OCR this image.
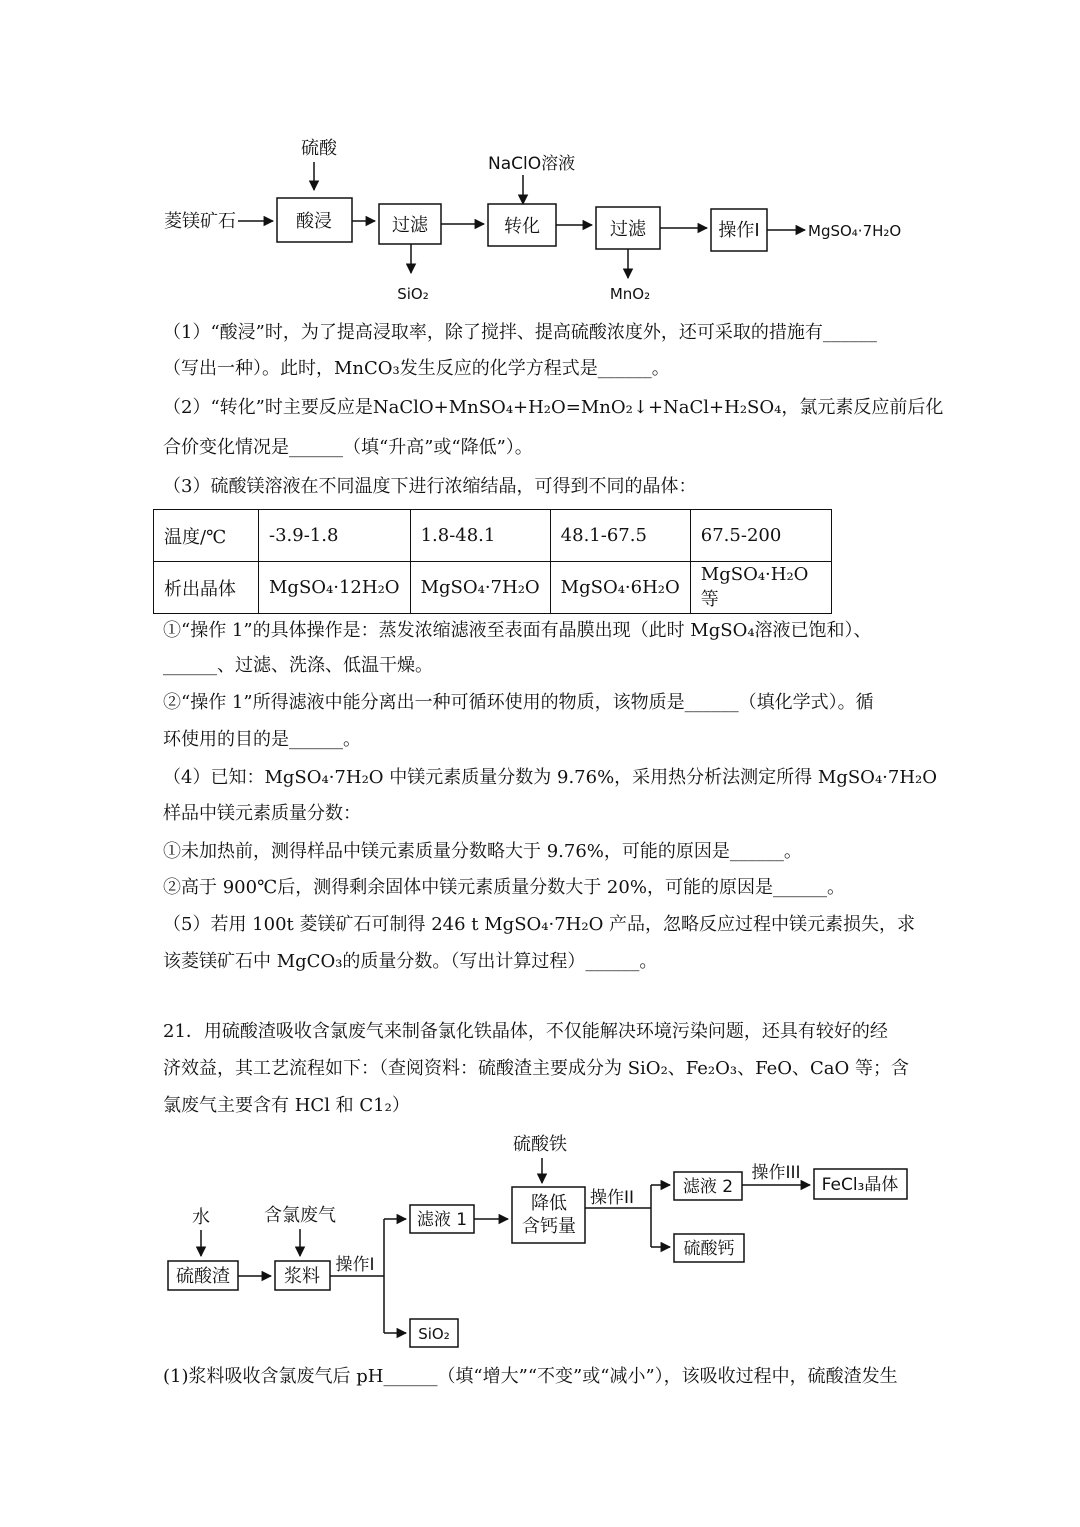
硫酸
NaClO溶液
菱镁矿石	酸浸	过滤
SiO₂
转化	过滤
MnO₂
操作I	MgSO₄·7H₂O
（1）“酸浸”时，为了提高浸取率，除了搅拌、提高硫酸浓度外，还可采取的措施有______
（写出一种）。此时，MnCO₃发生反应的化学方程式是______。
（2）“转化”时主要反应是NaClO+MnSO₄+H₂O=MnO₂↓+NaCl+H₂SO₄，氯元素反应前后化
合价变化情况是______（填“升高”或“降低”）。
（3）硫酸镁溶液在不同温度下进行浓缩结晶，可得到不同的晶体：
温度/℃	-3.9-1.8	1.8-48.1	48.1-67.5	67.5-200
析出晶体	MgSO₄·12H₂O	MgSO₄·7H₂O	MgSO₄·6H₂O	MgSO₄·H₂O 等
①“操作 1”的具体操作是：蒸发浓缩滤液至表面有晶膜出现（此时 MgSO₄溶液已饱和）、
______、过滤、洗涤、低温干燥。
②“操作 1”所得滤液中能分离出一种可循环使用的物质，该物质是______（填化学式）。循
环使用的目的是______。
（4）已知：MgSO₄·7H₂O 中镁元素质量分数为 9.76%，采用热分析法测定所得 MgSO₄·7H₂O
样品中镁元素质量分数：
①未加热前，测得样品中镁元素质量分数略大于 9.76%，可能的原因是______。
②高于 900℃后，测得剩余固体中镁元素质量分数大于 20%，可能的原因是______。
（5）若用 100t 菱镁矿石可制得 246 t MgSO₄·7H₂O 产品，忽略反应过程中镁元素损失，求
该菱镁矿石中 MgCO₃的质量分数。（写出计算过程）______。
21．用硫酸渣吸收含氯废气来制备氯化铁晶体，不仅能解决环境污染问题，还具有较好的经
济效益，其工艺流程如下：（查阅资料：硫酸渣主要成分为 SiO₂、Fe₂O₃、FeO、CaO 等；含
氯废气主要含有 HCl 和 C1₂）
硫酸铁
水	含氯废气
硫酸渣	浆料
操作I
滤液 1
SiO₂
降低
含钙量
操作II
滤液 2
硫酸钙
操作III
FeCl₃晶体
(1)浆料吸收含氯废气后 pH______（填“增大”“不变”或“减小”），该吸收过程中，硫酸渣发生
